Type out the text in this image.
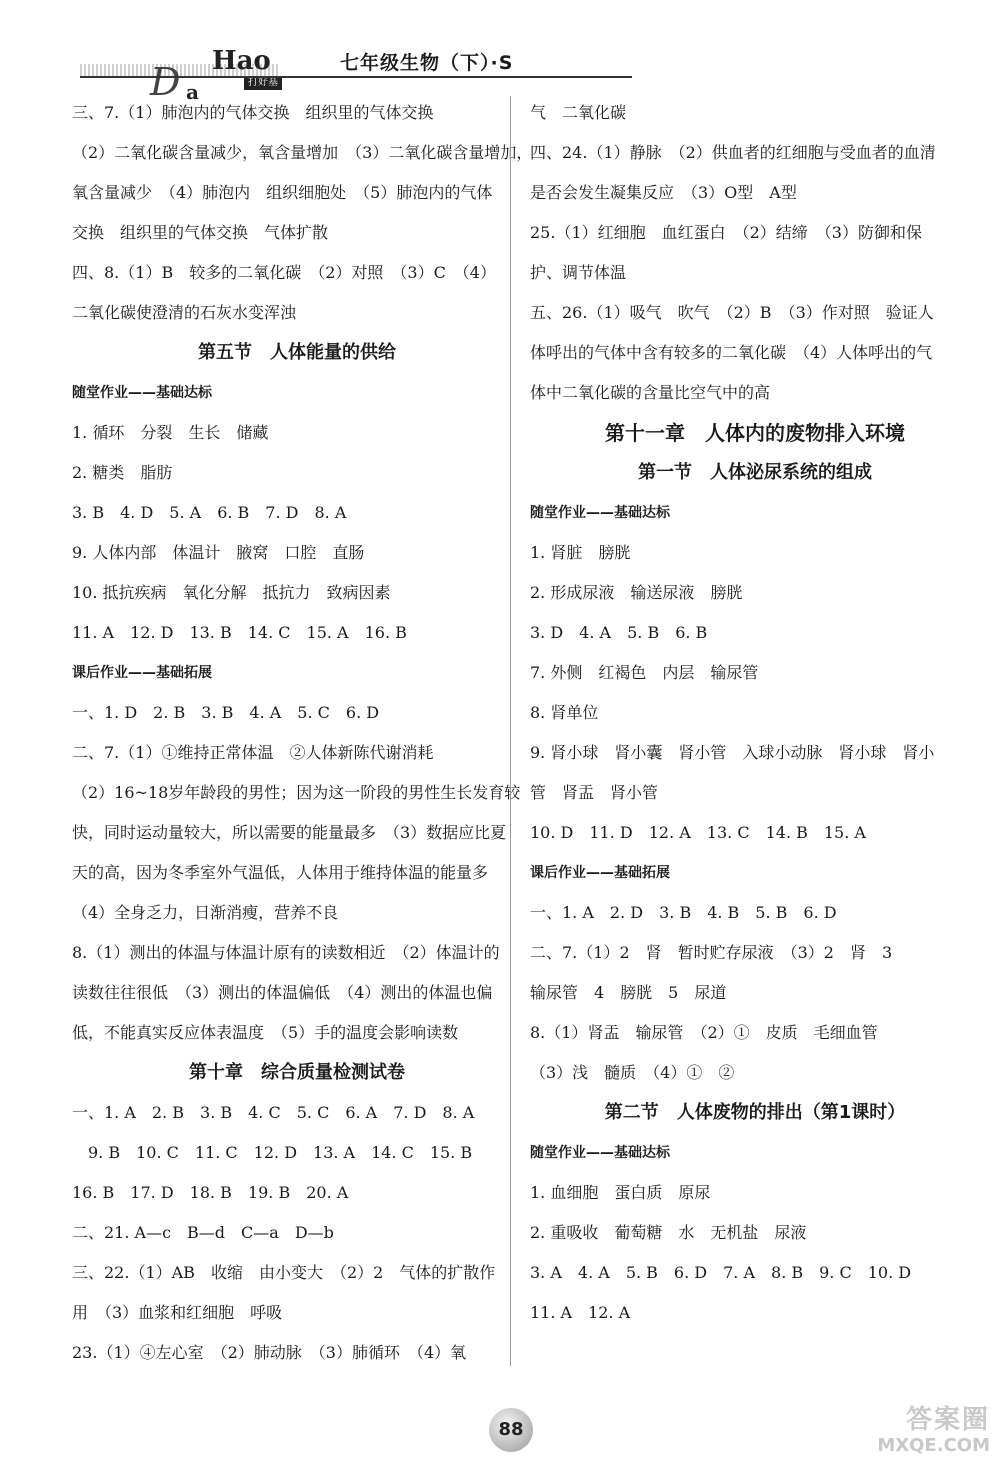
D a
Hao
打好基础
七年级生物（下）·S
三、7.（1）肺泡内的气体交换　组织里的气体交换
（2）二氧化碳含量减少，氧含量增加　（3）二氧化碳含量增加，
氧含量减少　（4）肺泡内　组织细胞处　（5）肺泡内的气体
交换　组织里的气体交换　气体扩散
四、8.（1）B　较多的二氧化碳　（2）对照　（3）C　（4）
二氧化碳使澄清的石灰水变浑浊
第五节　人体能量的供给
随堂作业——基础达标
1. 循环　分裂　生长　储藏
2. 糖类　脂肪
3. B　4. D　5. A　6. B　7. D　8. A
9. 人体内部　体温计　腋窝　口腔　直肠
10. 抵抗疾病　氧化分解　抵抗力　致病因素
11. A　12. D　13. B　14. C　15. A　16. B
课后作业——基础拓展
一、1. D　2. B　3. B　4. A　5. C　6. D
二、7.（1）①维持正常体温　②人体新陈代谢消耗
（2）16~18岁年龄段的男性；因为这一阶段的男性生长发育较
快，同时运动量较大，所以需要的能量最多　（3）数据应比夏
天的高，因为冬季室外气温低，人体用于维持体温的能量多
（4）全身乏力，日渐消瘦，营养不良
8.（1）测出的体温与体温计原有的读数相近　（2）体温计的
读数往往很低　（3）测出的体温偏低　（4）测出的体温也偏
低，不能真实反应体表温度　（5）手的温度会影响读数
第十章　综合质量检测试卷
一、1. A　2. B　3. B　4. C　5. C　6. A　7. D　8. A
　9. B　10. C　11. C　12. D　13. A　14. C　15. B
16. B　17. D　18. B　19. B　20. A
二、21. A—c　B—d　C—a　D—b
三、22.（1）AB　收缩　由小变大　（2）2　气体的扩散作
用　（3）血浆和红细胞　呼吸
23.（1）④左心室　（2）肺动脉　（3）肺循环　（4）氧
气　二氧化碳
四、24.（1）静脉　（2）供血者的红细胞与受血者的血清
是否会发生凝集反应　（3）O型　A型
25.（1）红细胞　血红蛋白　（2）结缔　（3）防御和保
护、调节体温
五、26.（1）吸气　吹气　（2）B　（3）作对照　验证人
体呼出的气体中含有较多的二氧化碳　（4）人体呼出的气
体中二氧化碳的含量比空气中的高
第十一章　人体内的废物排入环境
第一节　人体泌尿系统的组成
随堂作业——基础达标
1. 肾脏　膀胱
2. 形成尿液　输送尿液　膀胱
3. D　4. A　5. B　6. B
7. 外侧　红褐色　内层　输尿管
8. 肾单位
9. 肾小球　肾小囊　肾小管　入球小动脉　肾小球　肾小
管　肾盂　肾小管
10. D　11. D　12. A　13. C　14. B　15. A
课后作业——基础拓展
一、1. A　2. D　3. B　4. B　5. B　6. D
二、7.（1）2　肾　暂时贮存尿液　（3）2　肾　3
输尿管　4　膀胱　5　尿道
8.（1）肾盂　输尿管　（2）①　皮质　毛细血管
（3）浅　髓质　（4）①　②
第二节　人体废物的排出（第1课时）
随堂作业——基础达标
1. 血细胞　蛋白质　原尿
2. 重吸收　葡萄糖　水　无机盐　尿液
3. A　4. A　5. B　6. D　7. A　8. B　9. C　10. D
11. A　12. A
88	答案圈
MXQE.COM
